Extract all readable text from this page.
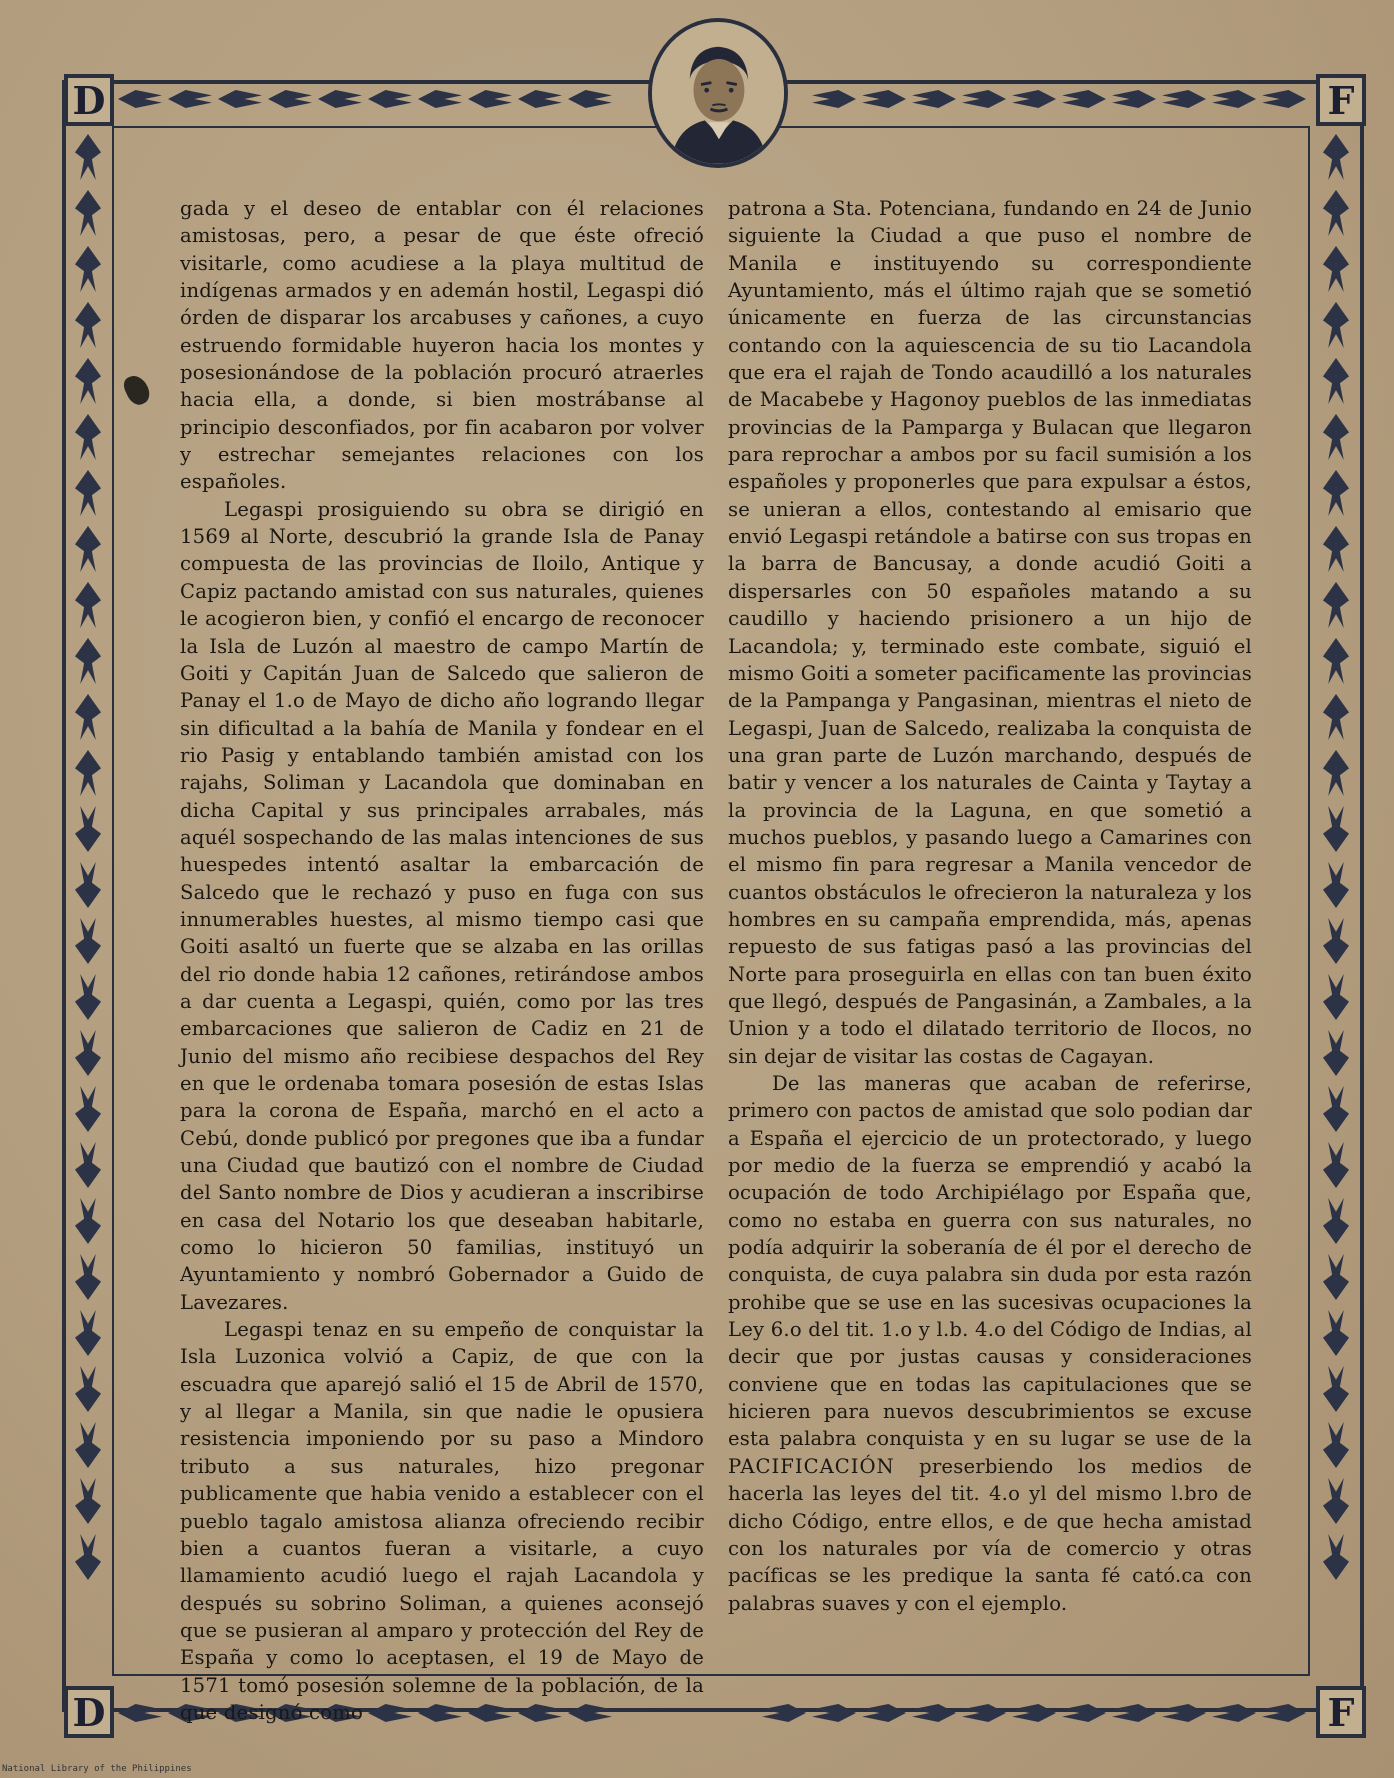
D	F
D	F

gada y el deseo de entablar con él relaciones amistosas, pero, a pesar de que éste ofreció visitarle, como acudiese a la playa multitud de indígenas armados y en ademán hostil, Legaspi dió órden de disparar los arcabuses y cañones, a cuyo estruendo formidable huyeron hacia los montes y posesionándose de la población procuró atraerles hacia ella, a donde, si bien mostrábanse al principio desconfiados, por fin acabaron por volver y estrechar semejantes relaciones con los españoles.

Legaspi prosiguiendo su obra se dirigió en 1569 al Norte, descubrió la grande Isla de Panay compuesta de las provincias de Iloilo, Antique y Capiz pactando amistad con sus naturales, quienes le acogieron bien, y confió el encargo de reconocer la Isla de Luzón al maestro de campo Martín de Goiti y Capitán Juan de Salcedo que salieron de Panay el 1.o de Mayo de dicho año logrando llegar sin dificultad a la bahía de Manila y fondear en el rio Pasig y entablando también amistad con los rajahs, Soliman y Lacandola que dominaban en dicha Capital y sus principales arrabales, más aquél sospechando de las malas intenciones de sus huespedes intentó asaltar la embarcación de Salcedo que le rechazó y puso en fuga con sus innumerables huestes, al mismo tiempo casi que Goiti asaltó un fuerte que se alzaba en las orillas del rio donde habia 12 cañones, retirándose ambos a dar cuenta a Legaspi, quién, como por las tres embarcaciones que salieron de Cadiz en 21 de Junio del mismo año recibiese despachos del Rey en que le ordenaba tomara posesión de estas Islas para la corona de España, marchó en el acto a Cebú, donde publicó por pregones que iba a fundar una Ciudad que bautizó con el nombre de Ciudad del Santo nombre de Dios y acudieran a inscribirse en casa del Notario los que deseaban habitarle, como lo hicieron 50 familias, instituyó un Ayuntamiento y nombró Gobernador a Guido de Lavezares.

Legaspi tenaz en su empeño de conquistar la Isla Luzonica volvió a Capiz, de que con la escuadra que aparejó salió el 15 de Abril de 1570, y al llegar a Manila, sin que nadie le opusiera resistencia imponiendo por su paso a Mindoro tributo a sus naturales, hizo pregonar publicamente que habia venido a establecer con el pueblo tagalo amistosa alianza ofreciendo recibir bien a cuantos fueran a visitarle, a cuyo llamamiento acudió luego el rajah Lacandola y después su sobrino Soliman, a quienes aconsejó que se pusieran al amparo y protección del Rey de España y como lo aceptasen, el 19 de Mayo de 1571 tomó posesión solemne de la población, de la que designó como

patrona a Sta. Potenciana, fundando en 24 de Junio siguiente la Ciudad a que puso el nombre de Manila e instituyendo su correspondiente Ayuntamiento, más el último rajah que se sometió únicamente en fuerza de las circunstancias contando con la aquiescencia de su tio Lacandola que era el rajah de Tondo acaudilló a los naturales de Macabebe y Hagonoy pueblos de las inmediatas provincias de la Pamparga y Bulacan que llegaron para reprochar a ambos por su facil sumisión a los españoles y proponerles que para expulsar a éstos, se unieran a ellos, contestando al emisario que envió Legaspi retándole a batirse con sus tropas en la barra de Bancusay, a donde acudió Goiti a dispersarles con 50 españoles matando a su caudillo y haciendo prisionero a un hijo de Lacandola; y, terminado este combate, siguió el mismo Goiti a someter pacificamente las provincias de la Pampanga y Pangasinan, mientras el nieto de Legaspi, Juan de Salcedo, realizaba la conquista de una gran parte de Luzón marchando, después de batir y vencer a los naturales de Cainta y Taytay a la provincia de la Laguna, en que sometió a muchos pueblos, y pasando luego a Camarines con el mismo fin para regresar a Manila vencedor de cuantos obstáculos le ofrecieron la naturaleza y los hombres en su campaña emprendida, más, apenas repuesto de sus fatigas pasó a las provincias del Norte para proseguirla en ellas con tan buen éxito que llegó, después de Pangasinán, a Zambales, a la Union y a todo el dilatado territorio de Ilocos, no sin dejar de visitar las costas de Cagayan.

De las maneras que acaban de referirse, primero con pactos de amistad que solo podian dar a España el ejercicio de un protectorado, y luego por medio de la fuerza se emprendió y acabó la ocupación de todo Archipiélago por España que, como no estaba en guerra con sus naturales, no podía adquirir la soberanía de él por el derecho de conquista, de cuya palabra sin duda por esta razón prohibe que se use en las sucesivas ocupaciones la Ley 6.o del tit. 1.o y l.b. 4.o del Código de Indias, al decir que por justas causas y consideraciones conviene que en todas las capitulaciones que se hicieren para nuevos descubrimientos se excuse esta palabra conquista y en su lugar se use de la PACIFICACIÓN preserbiendo los medios de hacerla las leyes del tit. 4.o yl del mismo l.bro de dicho Código, entre ellos, e de que hecha amistad con los naturales por vía de comercio y otras pacíficas se les predique la santa fé cató.ca con palabras suaves y con el ejemplo.

National Library of the Philippines
